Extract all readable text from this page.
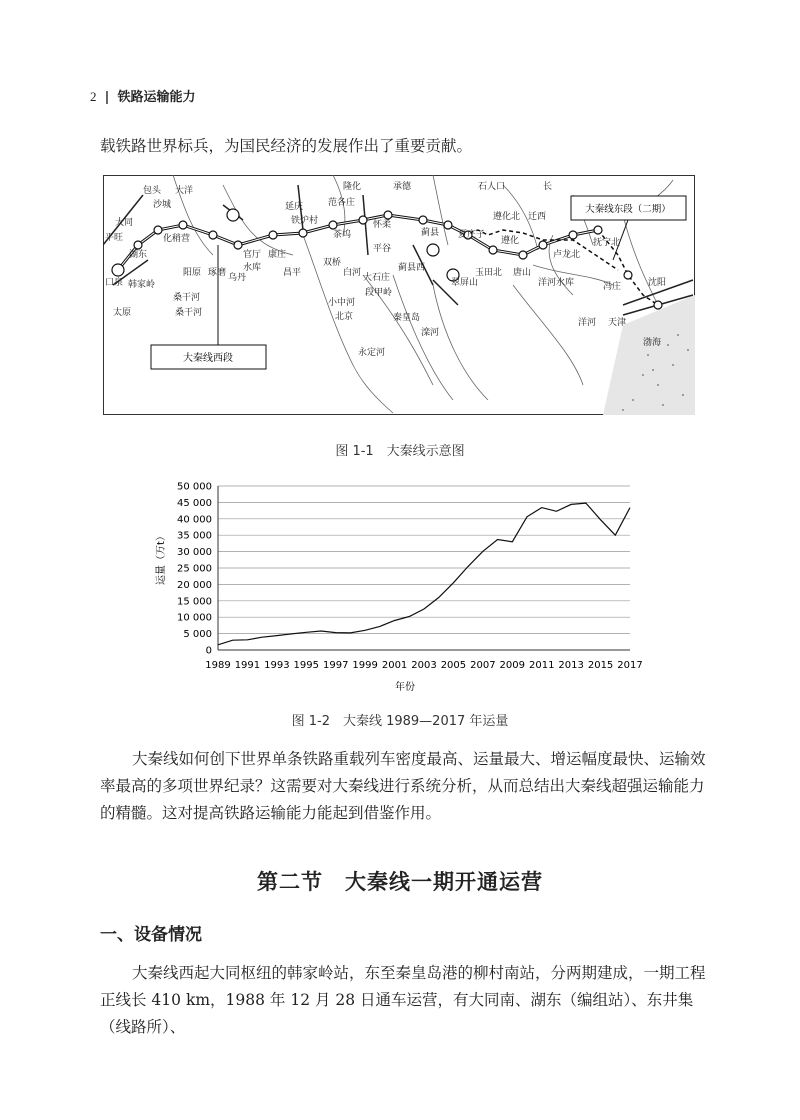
2 | 铁路运输能力
载铁路世界标兵，为国民经济的发展作出了重要贡献。
大秦线西段
大秦线东段（二期）
包头
沙城
大洋
大同
平旺
湖东
口泉 韩家岭
太原
阳原
化稍营
桑干河
琢磨
官厅
水库
延庆
铁炉村
范各庄
隆化	承德
茶坞
怀柔
平谷
康庄
昌平
双桥
小中河
白河 大石庄
段甲岭
北京
蓟县
蓟县西
秦皇岛
滦河
永定河
遵化北 迁西
遵化
长
夏庄子
玉田北
翠屏山
唐山
卢龙北
抚宁北
冯庄
洋河水库
洋河 天津
沈阳
渤海
桑干河
乌丹
石人口
图 1-1　大秦线示意图
0
5 000
10 000
15 000
20 000
25 000
30 000
35 000
40 000
45 000
50 000
1989 1991 1993 1995 1997 1999 2001 2003 2005 2007 2009 2011 2013 2015 2017
运量（万t）
年份
图 1-2　大秦线 1989—2017 年运量
大秦线如何创下世界单条铁路重载列车密度最高、运量最大、增运幅度最快、运输效率最高的多项世界纪录？这需要对大秦线进行系统分析，从而总结出大秦线超强运输能力的精髓。这对提高铁路运输能力能起到借鉴作用。
第二节　大秦线一期开通运营
一、设备情况
大秦线西起大同枢纽的韩家岭站，东至秦皇岛港的柳村南站，分两期建成，一期工程正线长 410 km，1988 年 12 月 28 日通车运营，有大同南、湖东（编组站）、东井集（线路所）、
